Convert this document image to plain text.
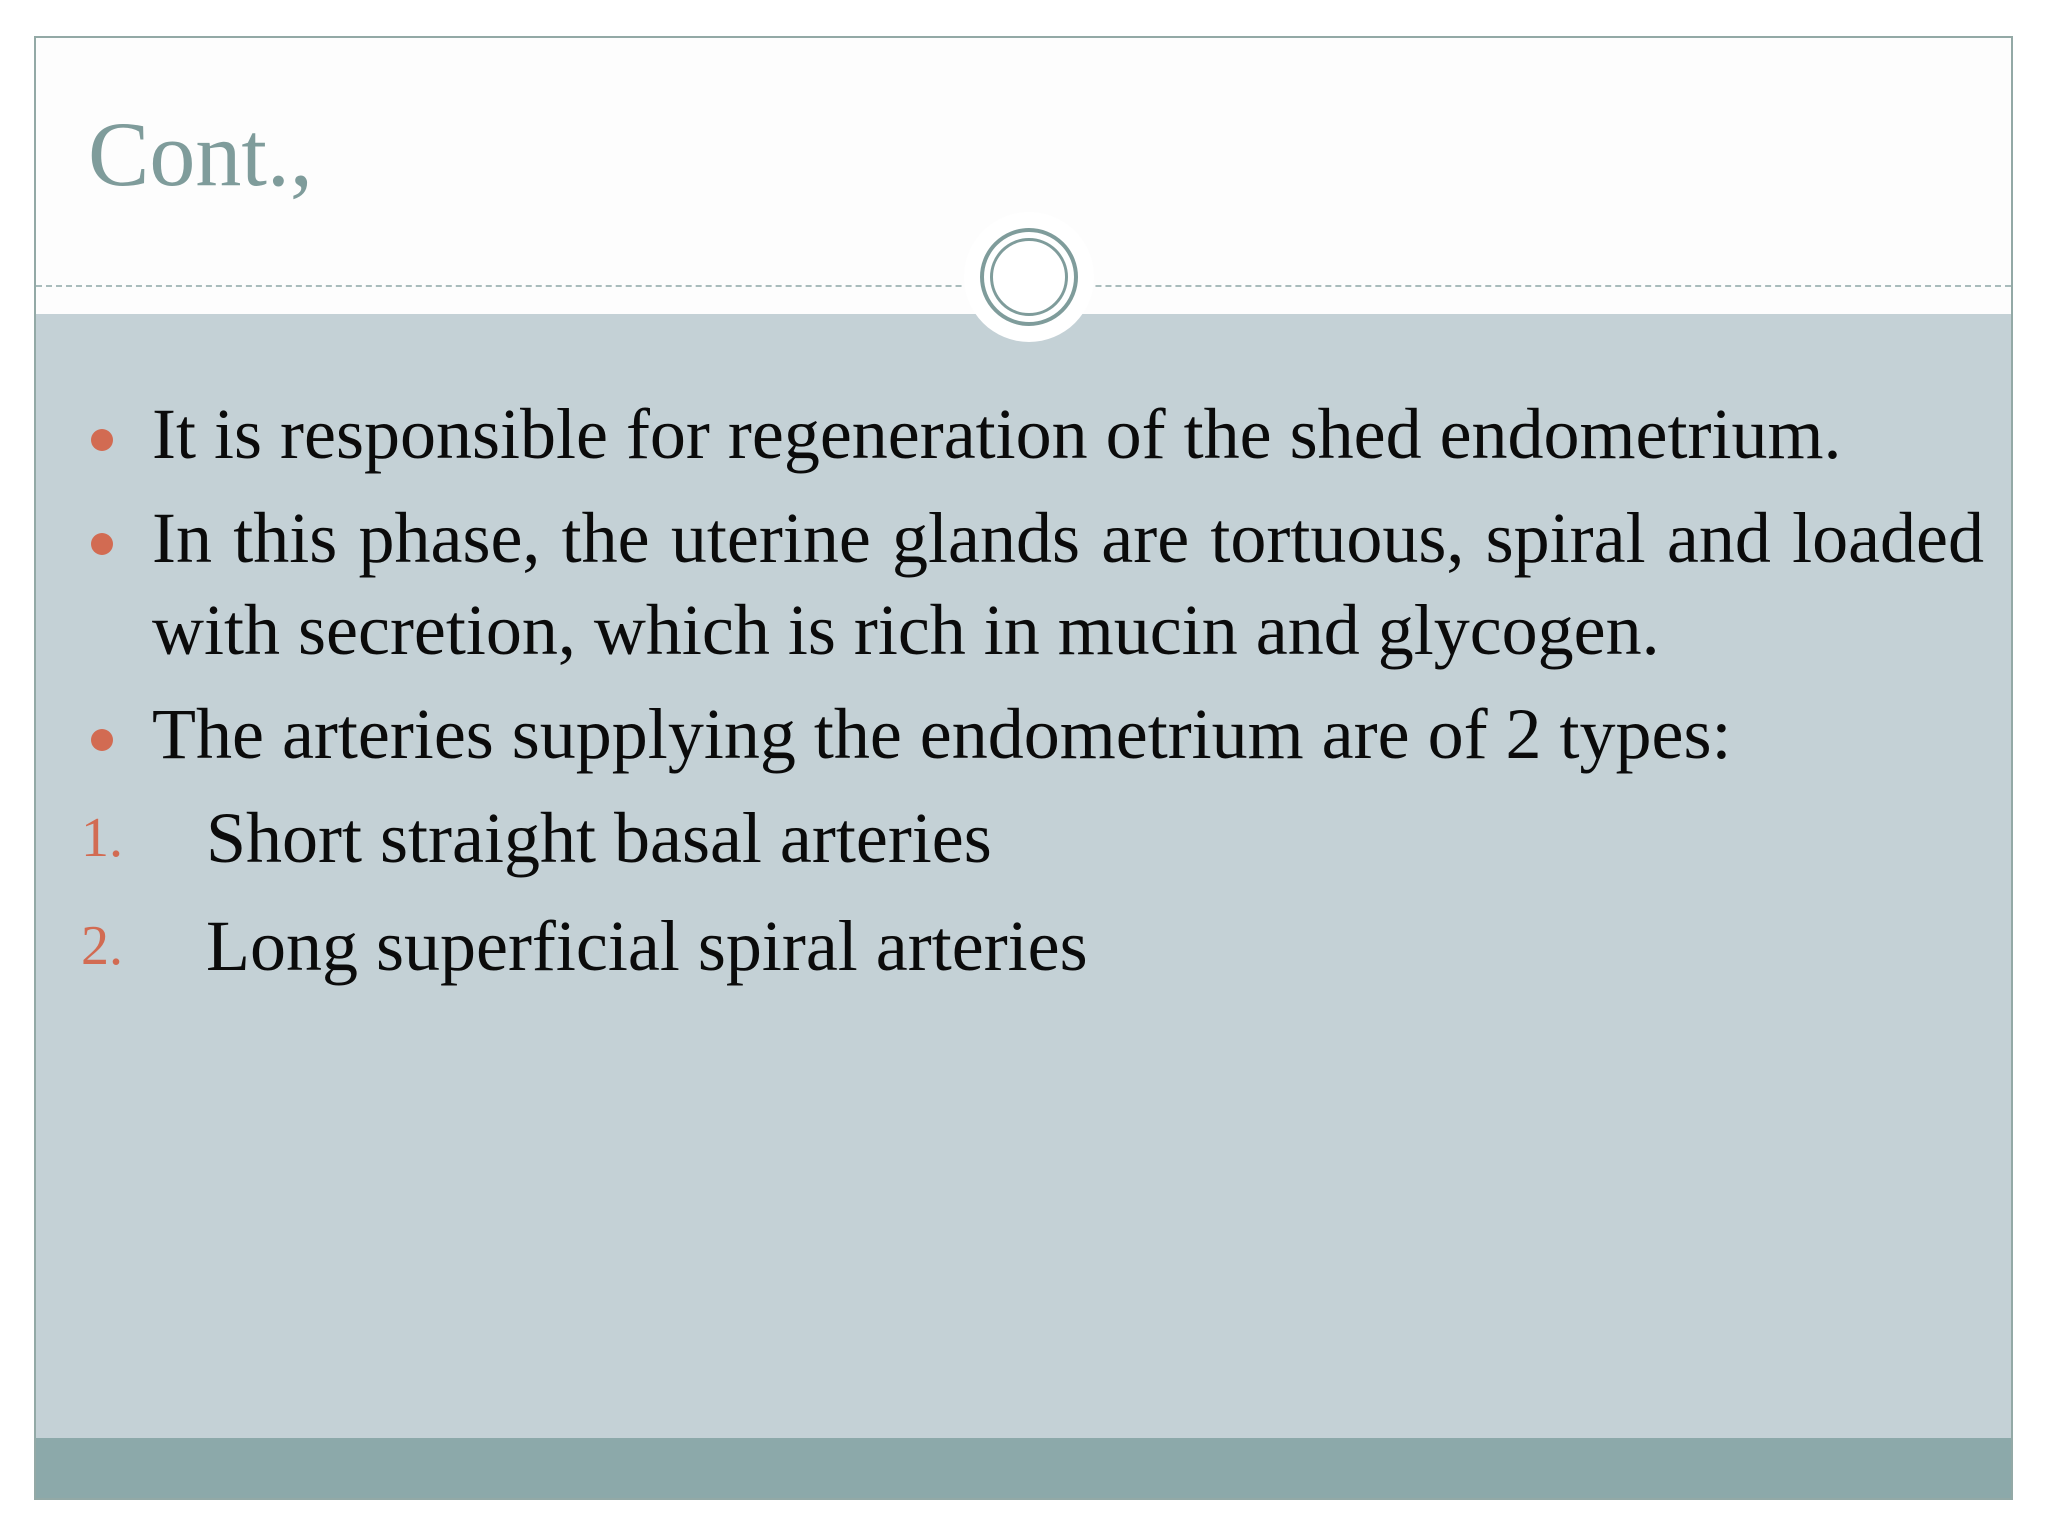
Cont.,
It is responsible for regeneration of the shed endometrium.
In this phase, the uterine glands are tortuous, spiral and loaded with secretion, which is rich in mucin and glycogen.
The arteries supplying the endometrium are of 2 types:
1. Short straight basal arteries
2. Long superficial spiral arteries
